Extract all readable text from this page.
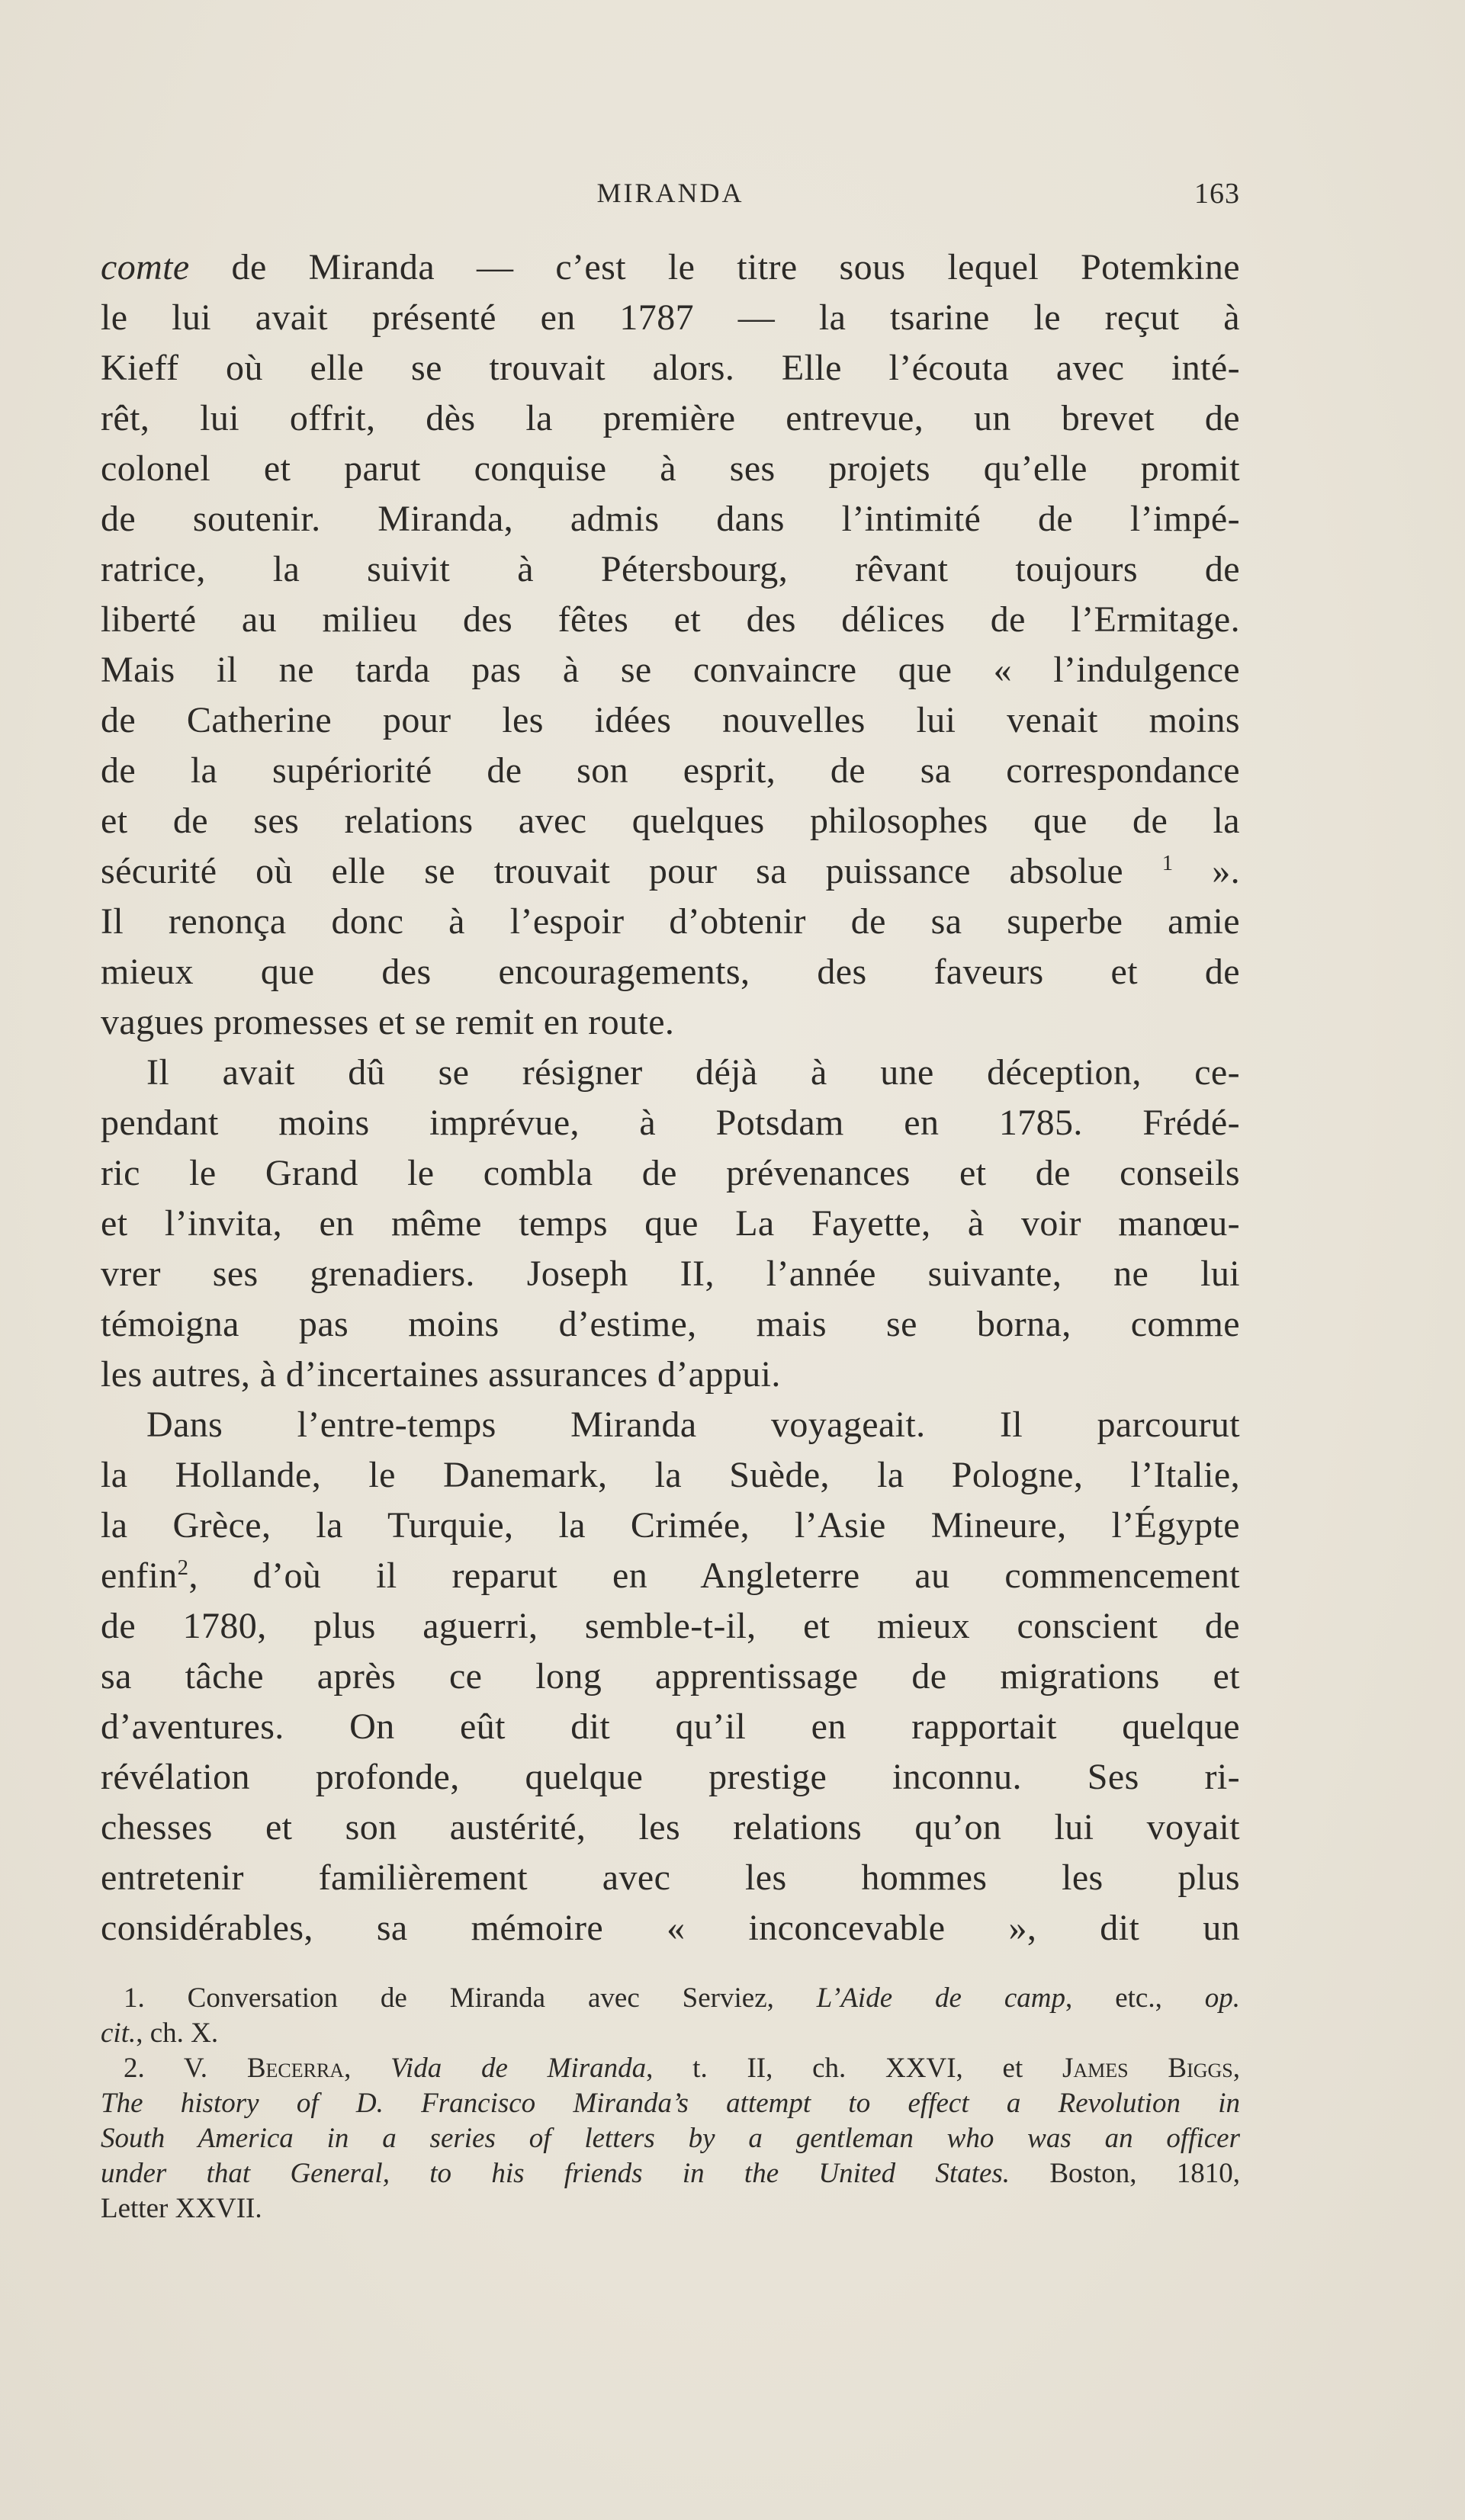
MIRANDA	163
comte de Miranda — c’est le titre sous lequel Potemkine
le lui avait présenté en 1787 — la tsarine le reçut à
Kieff où elle se trouvait alors. Elle l’écouta avec inté-
rêt, lui offrit, dès la première entrevue, un brevet de
colonel et parut conquise à ses projets qu’elle promit
de soutenir. Miranda, admis dans l’intimité de l’impé-
ratrice, la suivit à Pétersbourg, rêvant toujours de
liberté au milieu des fêtes et des délices de l’Ermitage.
Mais il ne tarda pas à se convaincre que « l’indulgence
de Catherine pour les idées nouvelles lui venait moins
de la supériorité de son esprit, de sa correspondance
et de ses relations avec quelques philosophes que de la
sécurité où elle se trouvait pour sa puissance absolue $^1$ ».
Il renonça donc à l’espoir d’obtenir de sa superbe amie
mieux que des encouragements, des faveurs et de
vagues promesses et se remit en route.
Il avait dû se résigner déjà à une déception, ce-
pendant moins imprévue, à Potsdam en 1785. Frédé-
ric le Grand le combla de prévenances et de conseils
et l’invita, en même temps que La Fayette, à voir manœu-
vrer ses grenadiers. Joseph II, l’année suivante, ne lui
témoigna pas moins d’estime, mais se borna, comme
les autres, à d’incertaines assurances d’appui.
Dans l’entre-temps Miranda voyageait. Il parcourut
la Hollande, le Danemark, la Suède, la Pologne, l’Italie,
la Grèce, la Turquie, la Crimée, l’Asie Mineure, l’Égypte
enfin$^2$, d’où il reparut en Angleterre au commencement
de 1780, plus aguerri, semble-t-il, et mieux conscient de
sa tâche après ce long apprentissage de migrations et
d’aventures. On eût dit qu’il en rapportait quelque
révélation profonde, quelque prestige inconnu. Ses ri-
chesses et son austérité, les relations qu’on lui voyait
entretenir familièrement avec les hommes les plus
considérables, sa mémoire « inconcevable », dit un
1. Conversation de Miranda avec Serviez, L’Aide de camp, etc., op.
cit., ch. X.
2. V. Becerra, Vida de Miranda, t. II, ch. XXVI, et James Biggs,
The history of D. Francisco Miranda’s attempt to effect a Revolution in
South America in a series of letters by a gentleman who was an officer
under that General, to his friends in the United States. Boston, 1810,
Letter XXVII.
